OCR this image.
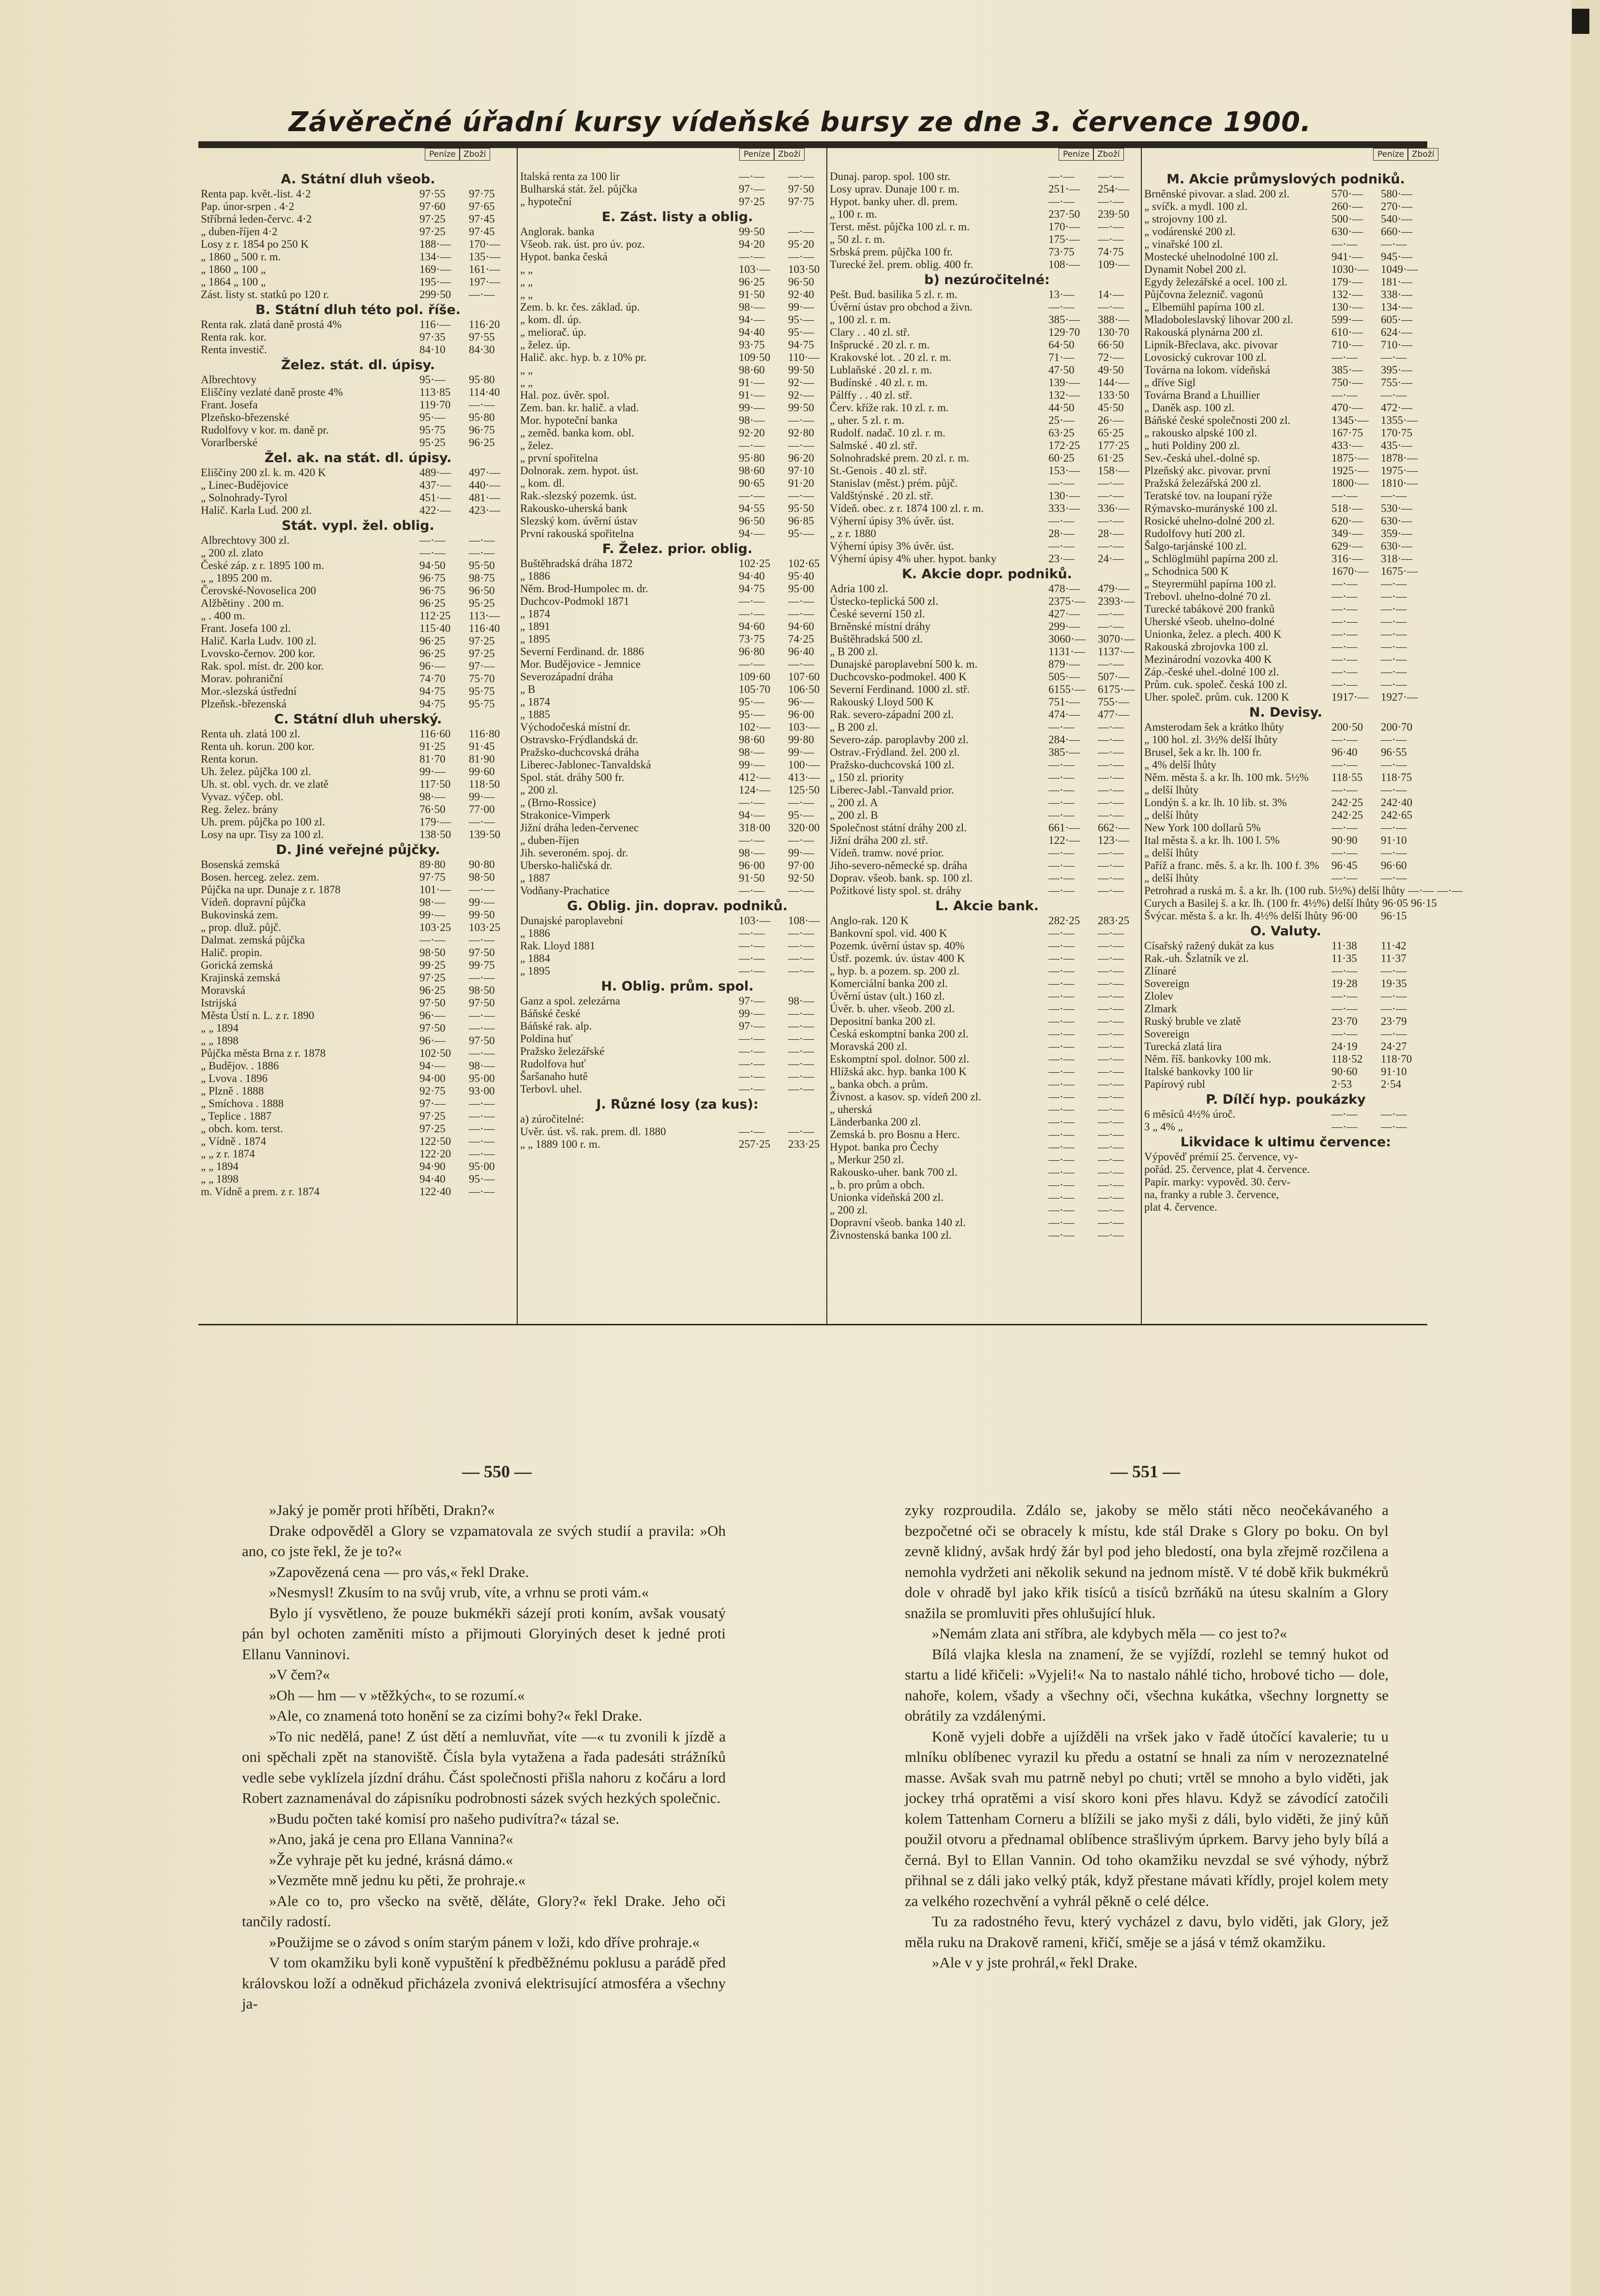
Závěrečné úřadní kursy vídeňské bursy ze dne 3. července 1900.
Peníze Zboží	Peníze Zboží	Peníze Zboží	Peníze Zboží
A. Státní dluh všeob.
Renta pap. květ.-list. 4·2	97·55	97·75
Pap. únor-srpen . 4·2	97·60	97·65
Stříbrná leden-červc. 4·2	97·25	97·45
„ duben-říjen 4·2	97·25	97·45
Losy z r. 1854 po 250 K	188·—	170·—
„ 1860 „ 500 r. m.	134·—	135·—
„ 1860 „ 100 „	169·—	161·—
„ 1864 „ 100 „	195·—	197·—
Zást. listy st. statků po 120 r.	299·50	—·—
B. Státní dluh této pol. říše.
Renta rak. zlatá daně prostá 4%	116·—	116·20
Renta rak. kor.	97·35	97·55
Renta investič.	84·10	84·30
Želez. stát. dl. úpisy.
Albrechtovy	95·—	95·80
Eliščiny vezlaté daně proste 4%	113·85	114·40
Frant. Josefa	119·70	—·—
Plzeňsko-březenské	95·—	95·80
Rudolfovy v kor. m. daně pr.	95·75	96·75
Vorarlberské	95·25	96·25
Žel. ak. na stát. dl. úpisy.
Eliščiny 200 zl. k. m. 420 K	489·—	497·—
„ Linec-Budějovice	437·—	440·—
„ Solnohrady-Tyrol	451·—	481·—
Halič. Karla Lud. 200 zl.	422·—	423·—
Stát. vypl. žel. oblig.
Albrechtovy 300 zl.	—·—	—·—
„ 200 zl. zlato	—·—	—·—
České záp. z r. 1895 100 m.	94·50	95·50
„ „ 1895 200 m.	96·75	98·75
Čerovské-Novoselica 200	96·75	96·50
Alžbětiny . 200 m.	96·25	95·25
„ . 400 m.	112·25	113·—
Frant. Josefa 100 zl.	115·40	116·40
Halič. Karla Ludv. 100 zl.	96·25	97·25
Lvovsko-černov. 200 kor.	96·25	97·25
Rak. spol. míst. dr. 200 kor.	96·—	97·—
Morav. pohraniční	74·70	75·70
Mor.-slezská ústřední	94·75	95·75
Plzeňsk.-březenská	94·75	95·75
C. Státní dluh uherský.
Renta uh. zlatá 100 zl.	116·60	116·80
Renta uh. korun. 200 kor.	91·25	91·45
Renta korun.	81·70	81·90
Uh. želez. půjčka 100 zl.	99·—	99·60
Uh. st. obl. vych. dr. ve zlatě	117·50	118·50
Vyvaz. výčep. obl.	98·—	99·—
Reg. želez. brány	76·50	77·00
Uh. prem. půjčka po 100 zl.	179·—	—·—
Losy na upr. Tisy za 100 zl.	138·50	139·50
D. Jiné veřejné půjčky.
Bosenská zemská	89·80	90·80
Bosen. herceg. zelez. zem.	97·75	98·50
Půjčka na upr. Dunaje z r. 1878	101·—	—·—
Vídeň. dopravní půjčka	98·—	99·—
Bukovinská zem.	99·—	99·50
„ prop. dluž. půjč.	103·25	103·25
Dalmat. zemská půjčka	—·—	—·—
Halič. propin.	98·50	97·50
Gorická zemská	99·25	99·75
Krajinská zemská	97·25	—·—
Moravská	96·25	98·50
Istrijská	97·50	97·50
Města Ústí n. L. z r. 1890	96·—	—·—
„ „ 1894	97·50	—·—
„ „ 1898	96·—	97·50
Půjčka města Brna z r. 1878	102·50	—·—
„ Budějov. . 1886	94·—	98·—
„ Lvova . 1896	94·00	95·00
„ Plzně . 1888	92·75	93·00
„ Smíchova . 1888	97·—	—·—
„ Teplice . 1887	97·25	—·—
„ obch. kom. terst.	97·25	—·—
„ Vídně . 1874	122·50	—·—
„ „ z r. 1874	122·20	—·—
„ „ 1894	94·90	95·00
„ „ 1898	94·40	95·—
m. Vídně a prem. z r. 1874	122·40	—·—
Italská renta za 100 lir	—·—	—·—
Bulharská stát. žel. půjčka	97·—	97·50
„ hypoteční	97·25	97·75
E. Zást. listy a oblig.
Anglorak. banka	99·50	—·—
Všeob. rak. úst. pro úv. poz.	94·20	95·20
Hypot. banka česká	—·—	—·—
„ „	103·—	103·50
„ „	96·25	96·50
„ „	91·50	92·40
Zem. b. kr. čes. základ. úp.	98·—	99·—
„ kom. dl. úp.	94·—	95·—
„ meliorač. úp.	94·40	95·—
„ želez. úp.	93·75	94·75
Halič. akc. hyp. b. z 10% pr.	109·50	110·—
„ „	98·60	99·50
„ „	91·—	92·—
Hal. poz. úvěr. spol.	91·—	92·—
Zem. ban. kr. halič. a vlad.	99·—	99·50
Mor. hypoteční banka	98·—	—·—
„ zeměd. banka kom. obl.	92·20	92·80
„ želez.	—·—	—·—
„ první spořitelna	95·80	96·20
Dolnorak. zem. hypot. úst.	98·60	97·10
„ kom. dl.	90·65	91·20
Rak.-slezský pozemk. úst.	—·—	—·—
Rakousko-uherská bank	94·55	95·50
Slezský kom. úvěrní ústav	96·50	96·85
První rakouská spořitelna	94·—	95·—
F. Želez. prior. oblig.
Buštěhradská dráha 1872	102·25	102·65
„ 1886	94·40	95·40
Něm. Brod-Humpolec m. dr.	94·75	95·00
Duchcov-Podmokl 1871	—·—	—·—
„ 1874	—·—	—·—
„ 1891	94·60	94·60
„ 1895	73·75	74·25
Severní Ferdinand. dr. 1886	96·80	96·40
Mor. Budějovice - Jemnice	—·—	—·—
Severozápadní dráha	109·60	107·60
„ B	105·70	106·50
„ 1874	95·—	96·—
„ 1885	95·—	96·00
Východočeská místní dr.	102·—	103·—
Ostravsko-Frýdlandská dr.	98·60	99·80
Pražsko-duchcovská dráha	98·—	99·—
Liberec-Jablonec-Tanvaldská	99·—	100·—
Spol. stát. dráhy 500 fr.	412·—	413·—
„ 200 zl.	124·—	125·50
„ (Brno-Rossice)	—·—	—·—
Strakonice-Vimperk	94·—	95·—
Jižní dráha leden-červenec	318·00	320·00
„ duben-říjen	—·—	—·—
Jih. severoném. spoj. dr.	98·—	99·—
Ubersko-haličská dr.	96·00	97·00
„ 1887	91·50	92·50
Vodňany-Prachatice	—·—	—·—
G. Oblig. jin. doprav. podniků.
Dunajské paroplavební	103·—	108·—
„ 1886	—·—	—·—
Rak. Lloyd 1881	—·—	—·—
„ 1884	—·—	—·—
„ 1895	—·—	—·—
H. Oblig. prům. spol.
Ganz a spol. zelezárna	97·—	98·—
Báňské české	99·—	—·—
Báňské rak. alp.	97·—	—·—
Poldina huť	—·—	—·—
Pražsko železářské	—·—	—·—
Rudolfova huť	—·—	—·—
Šaršanaho hutě	—·—	—·—
Terbovl. uhel.	—·—	—·—
J. Různé losy (za kus):
a) zúročitelné:
Uvěr. úst. vš. rak. prem. dl. 1880	—·—	—·—
„ „ 1889 100 r. m.	257·25	233·25
Dunaj. parop. spol. 100 str.	—·—	—·—
Losy uprav. Dunaje 100 r. m.	251·—	254·—
Hypot. banky uher. dl. prem.	—·—	—·—
„ 100 r. m.	237·50	239·50
Terst. měst. půjčka 100 zl. r. m.	170·—	—·—
„ 50 zl. r. m.	175·—	—·—
Srbská prem. půjčka 100 fr.	73·75	74·75
Turecké žel. prem. oblig. 400 fr.	108·—	109·—
b) nezúročitelné:
Pešt. Bud. basilika 5 zl. r. m.	13·—	14·—
Úvěrní ústav pro obchod a živn.	—·—	—·—
„ 100 zl. r. m.	385·—	388·—
Clary . . 40 zl. stř.	129·70	130·70
Inšprucké . 20 zl. r. m.	64·50	66·50
Krakovské lot. . 20 zl. r. m.	71·—	72·—
Lublaňské . 20 zl. r. m.	47·50	49·50
Budínské . 40 zl. r. m.	139·—	144·—
Pálffy . . 40 zl. stř.	132·—	133·50
Červ. kříže rak. 10 zl. r. m.	44·50	45·50
„ uher. 5 zl. r. m.	25·—	26·—
Rudolf. nadač. 10 zl. r. m.	63·25	65·25
Salmské . 40 zl. stř.	172·25	177·25
Solnohradské prem. 20 zl. r. m.	60·25	61·25
St.-Genois . 40 zl. stř.	153·—	158·—
Stanislav (měst.) prém. půjč.	—·—	—·—
Valdštýnské . 20 zl. stř.	130·—	—·—
Vídeň. obec. z r. 1874 100 zl. r. m.	333·—	336·—
Výherní úpisy 3% úvěr. úst.	—·—	—·—
„ z r. 1880	28·—	28·—
Výherní úpisy 3% úvěr. úst.	—·—	—·—
Výherní úpisy 4% uher. hypot. banky	23·—	24·—
K. Akcie dopr. podniků.
Adria 100 zl.	478·—	479·—
Ústecko-teplická 500 zl.	2375·—	2393·—
České severní 150 zl.	427·—	—·—
Brněnské místní dráhy	299·—	—·—
Buštěhradská 500 zl.	3060·—	3070·—
„ B 200 zl.	1131·—	1137·—
Dunajské paroplavební 500 k. m.	879·—	—·—
Duchcovsko-podmokel. 400 K	505·—	507·—
Severní Ferdinand. 1000 zl. stř.	6155·—	6175·—
Rakouský Lloyd 500 K	751·—	755·—
Rak. severo-západní 200 zl.	474·—	477·—
„ B 200 zl.	—·—	—·—
Severo-záp. paroplavby 200 zl.	284·—	—·—
Ostrav.-Frýdland. žel. 200 zl.	385·—	—·—
Pražsko-duchcovská 100 zl.	—·—	—·—
„ 150 zl. priority	—·—	—·—
Liberec-Jabl.-Tanvald prior.	—·—	—·—
„ 200 zl. A	—·—	—·—
„ 200 zl. B	—·—	—·—
Společnost státní dráhy 200 zl.	661·—	662·—
Jižní dráha 200 zl. stř.	122·—	123·—
Vídeň. tramw. nové prior.	—·—	—·—
Jiho-severo-německé sp. dráha	—·—	—·—
Doprav. všeob. bank. sp. 100 zl.	—·—	—·—
Požitkové listy spol. st. dráhy	—·—	—·—
L. Akcie bank.
Anglo-rak. 120 K	282·25	283·25
Bankovní spol. vid. 400 K	—·—	—·—
Pozemk. úvěrní ústav sp. 40%	—·—	—·—
Ústř. pozemk. úv. ústav 400 K	—·—	—·—
„ hyp. b. a pozem. sp. 200 zl.	—·—	—·—
Komerciální banka 200 zl.	—·—	—·—
Úvěrní ústav (ult.) 160 zl.	—·—	—·—
Úvěr. b. uher. všeob. 200 zl.	—·—	—·—
Depositní banka 200 zl.	—·—	—·—
Česká eskomptní banka 200 zl.	—·—	—·—
Moravská 200 zl.	—·—	—·—
Eskomptní spol. dolnor. 500 zl.	—·—	—·—
Hlížská akc. hyp. banka 100 K	—·—	—·—
„ banka obch. a prům.	—·—	—·—
Živnost. a kasov. sp. vídeň 200 zl.	—·—	—·—
„ uherská	—·—	—·—
Länderbanka 200 zl.	—·—	—·—
Zemská b. pro Bosnu a Herc.	—·—	—·—
Hypot. banka pro Čechy	—·—	—·—
„ Merkur 250 zl.	—·—	—·—
Rakousko-uher. bank 700 zl.	—·—	—·—
„ b. pro prům a obch.	—·—	—·—
Unionka vídeňská 200 zl.	—·—	—·—
„ 200 zl.	—·—	—·—
Dopravní všeob. banka 140 zl.	—·—	—·—
Živnostenská banka 100 zl.	—·—	—·—
M. Akcie průmyslových podniků.
Brněnské pivovar. a slad. 200 zl.	570·—	580·—
„ svíčk. a mydl. 100 zl.	260·—	270·—
„ strojovny 100 zl.	500·—	540·—
„ vodárenské 200 zl.	630·—	660·—
„ vinařské 100 zl.	—·—	—·—
Mostecké uhelnodolné 100 zl.	941·—	945·—
Dynamit Nobel 200 zl.	1030·—	1049·—
Egydy železářské a ocel. 100 zl.	179·—	181·—
Půjčovna železnič. vagonů	132·—	338·—
„ Elbemühl papírna 100 zl.	130·—	134·—
Mladoboleslavský lihovar 200 zl.	599·—	605·—
Rakouská plynárna 200 zl.	610·—	624·—
Lipník-Břeclava, akc. pivovar	710·—	710·—
Lovosický cukrovar 100 zl.	—·—	—·—
Továrna na lokom. vídeňská	385·—	395·—
„ dříve Sigl	750·—	755·—
Továrna Brand a Lhuillier	—·—	—·—
„ Daněk asp. 100 zl.	470·—	472·—
Báňské české společnosti 200 zl.	1345·—	1355·—
„ rakousko alpské 100 zl.	167·75	170·75
„ huti Poldiny 200 zl.	433·—	435·—
Sev.-česká uhel.-dolné sp.	1875·—	1878·—
Plzeňský akc. pivovar. první	1925·—	1975·—
Pražská železářská 200 zl.	1800·—	1810·—
Teratské tov. na loupaní rýže	—·—	—·—
Rýmavsko-murányské 100 zl.	518·—	530·—
Rosické uhelno-dolné 200 zl.	620·—	630·—
Rudolfovy hutí 200 zl.	349·—	359·—
Šalgo-tarjánské 100 zl.	629·—	630·—
„ Schlöglmühl papírna 200 zl.	316·—	318·—
„ Schodnica 500 K	1670·—	1675·—
„ Steyrermühl papírna 100 zl.	—·—	—·—
Trebovl. uhelno-dolné 70 zl.	—·—	—·—
Turecké tabákové 200 franků	—·—	—·—
Uherské všeob. uhelno-dolné	—·—	—·—
Unionka, želez. a plech. 400 K	—·—	—·—
Rakouská zbrojovka 100 zl.	—·—	—·—
Mezinárodní vozovka 400 K	—·—	—·—
Záp.-české uhel.-dolné 100 zl.	—·—	—·—
Prům. cuk. společ. česká 100 zl.	—·—	—·—
Uher. společ. prům. cuk. 1200 K	1917·—	1927·—
N. Devisy.
Amsterodam šek a krátko lhůty	200·50	200·70
„ 100 hol. zl. 3½% delší lhůty	—·—	—·—
Brusel, šek a kr. lh. 100 fr.	96·40	96·55
„ 4% delší lhůty	—·—	—·—
Něm. města š. a kr. lh. 100 mk. 5½%	118·55	118·75
„ delší lhůty	—·—	—·—
Londýn š. a kr. lh. 10 lib. st. 3%	242·25	242·40
„ delší lhůty	242·25	242·65
New York 100 dollarů 5%	—·—	—·—
Ital města š. a kr. lh. 100 l. 5%	90·90	91·10
„ delší lhůty	—·—	—·—
Paříž a franc. měs. š. a kr. lh. 100 f. 3%	96·45	96·60
„ delší lhůty	—·—	—·—
Petrohrad a ruská m. š. a kr. lh. (100 rub. 5½%) delší lhůty —·— —·—
Curych a Basilej š. a kr. lh. (100 fr. 4½%) delší lhůty 96·05 96·15
Švýcar. města š. a kr. lh. 4½% delší lhůty 96·00	96·15
O. Valuty.
Císařský ražený dukát za kus	11·38	11·42
Rak.-uh. Šzlatník ve zl.	11·35	11·37
Zlínaré	—·—	—·—
Sovereign	19·28	19·35
Zlolev	—·—	—·—
Zlmark	—·—	—·—
Ruský bruble ve zlatě	23·70	23·79
Sovereign	—·—	—·—
Turecká zlatá lira	24·19	24·27
Něm. říš. bankovky 100 mk.	118·52	118·70
Italské bankovky 100 lir	90·60	91·10
Papírový rubl	2·53	2·54
P. Dílčí hyp. poukázky
6 měsíců 4½% úroč.	—·—	—·—
3 „ 4% „	—·—	—·—
Likvidace k ultimu července:
Výpověď prémií 25. července, vy-
pořád. 25. července, plat 4. července.
Papír. marky: vypověd. 30. červ-
na, franky a ruble 3. července,
plat 4. července.
— 550 —	— 551 —

»Jaký je poměr proti hříběti, Drakn?«

Drake odpověděl a Glory se vzpamatovala ze svých studií a pravila: »Oh ano, co jste řekl, že je to?«

»Zapovězená cena — pro vás,« řekl Drake.

»Nesmysl! Zkusím to na svůj vrub, víte, a vrhnu se proti vám.«

Bylo jí vysvětleno, že pouze bukmékři sázejí proti koním, avšak vousatý pán byl ochoten zaměniti místo a přijmouti Gloryiných deset k jedné proti Ellanu Vanninovi.

»V čem?«

»Oh — hm — v »těžkých«, to se rozumí.«

»Ale, co znamená toto honění se za cizími bohy?« řekl Drake.

»To nic nedělá, pane! Z úst dětí a nemluvňat, víte —« tu zvonili k jízdě a oni spěchali zpět na stanoviště. Čísla byla vytažena a řada padesáti strážníků vedle sebe vyklízela jízdní dráhu. Část společnosti přišla nahoru z kočáru a lord Robert zaznamenával do zápisníku podrobnosti sázek svých hezkých společnic.

»Budu počten také komisí pro našeho pudivítra?« tázal se.

»Ano, jaká je cena pro Ellana Vannina?«

»Že vyhraje pět ku jedné, krásná dámo.«

»Vezměte mně jednu ku pěti, že prohraje.«

»Ale co to, pro všecko na světě, děláte, Glory?« řekl Drake. Jeho oči tančily radostí.

»Použijme se o závod s oním starým pánem v loži, kdo dříve prohraje.«

V tom okamžiku byli koně vypuštění k předběžnému poklusu a parádě před královskou loží a odněkud přicházela zvonivá elektrisující atmosféra a všechny ja-

zyky rozproudila. Zdálo se, jakoby se mělo státi něco neočekávaného a bezpočetné oči se obracely k místu, kde stál Drake s Glory po boku. On byl zevně klidný, avšak hrdý žár byl pod jeho bledostí, ona byla zřejmě rozčilena a nemohla vydržeti ani několik sekund na jednom místě. V té době křik bukmékrů dole v ohradě byl jako křik tisíců a tisíců bzrňákŭ na útesu skalním a Glory snažila se promluviti přes ohlušující hluk.

»Nemám zlata ani stříbra, ale kdybych měla — co jest to?«

Bílá vlajka klesla na znamení, že se vyjíždí, rozlehl se temný hukot od startu a lidé křičeli: »Vyjeli!« Na to nastalo náhlé ticho, hrobové ticho — dole, nahoře, kolem, všady a všechny oči, všechna kukátka, všechny lorgnetty se obrátily za vzdálenými.

Koně vyjeli dobře a ujížděli na vršek jako v řadě útočící kavalerie; tu u mlníku oblíbenec vyrazil ku předu a ostatní se hnali za ním v nerozeznatelné masse. Avšak svah mu patrně nebyl po chuti; vrtěl se mnoho a bylo viděti, jak jockey trhá opratěmi a visí skoro koni přes hlavu. Když se závodící zatočili kolem Tattenham Corneru a blížili se jako myši z dáli, bylo viděti, že jiný kůň použil otvoru a přednamal oblíbence strašlivým úprkem. Barvy jeho byly bílá a černá. Byl to Ellan Vannin. Od toho okamžiku nevzdal se své výhody, nýbrž přihnal se z dáli jako velký pták, když přestane mávati křídly, projel kolem mety za velkého rozechvění a vyhrál pěkně o celé délce.

Tu za radostného řevu, který vycházel z davu, bylo viděti, jak Glory, jež měla ruku na Drakově rameni, křičí, směje se a jásá v témž okamžiku.

»Ale v y jste prohrál,« řekl Drake.
